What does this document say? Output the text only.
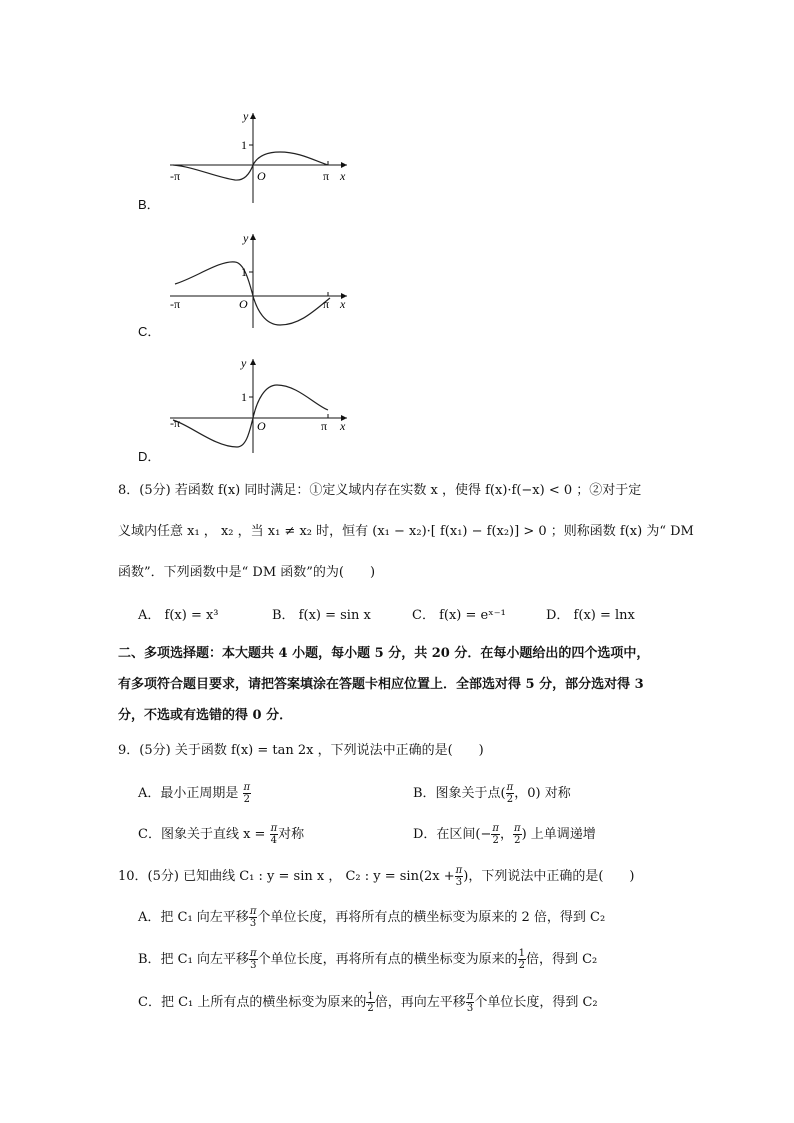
y
1
-π	O	π x
B．
y
1
-π	O	π x
C．
y
1
-π	O	π x
D．
8．(5分) 若函数 f(x) 同时满足：①定义域内存在实数 x ，使得 f(x)·f(−x) < 0 ；②对于定
义域内任意 x₁ ， x₂ ，当 x₁ ≠ x₂ 时，恒有 (x₁ − x₂)·[ f(x₁) − f(x₂)] > 0 ；则称函数 f(x) 为“ DM
函数”．下列函数中是“ DM 函数”的为(　　)
A． f(x) = x³	B． f(x) = sin x	C． f(x) = eˣ⁻¹	D． f(x) = lnx
二、多项选择题：本大题共 4 小题，每小题 5 分，共 20 分．在每小题给出的四个选项中，
有多项符合题目要求，请把答案填涂在答题卡相应位置上．全部选对得 5 分，部分选对得 3
分，不选或有选错的得 0 分．
9．(5分) 关于函数 f(x) = tan 2x ，下列说法中正确的是(　　)
A．最小正周期是 $\frac{\pi}{2}$	B．图象关于点( $\frac{\pi}{2}$ ，0) 对称
C．图象关于直线 $x = \frac{\pi}{4}$ 对称	D．在区间(− $\frac{\pi}{2}$ ， $\frac{\pi}{2}$ ) 上单调递增
10．(5分) 已知曲线 C₁ : y = sin x ， C₂ : $y = \sin(2x + \frac{\pi}{3}$ )，下列说法中正确的是(　　)
A．把 C₁ 向左平移 $\frac{\pi}{3}$ 个单位长度，再将所有点的横坐标变为原来的 2 倍，得到 C₂
B．把 C₁ 向左平移 $\frac{\pi}{3}$ 个单位长度，再将所有点的横坐标变为原来的 $\frac{1}{2}$ 倍，得到 C₂
C．把 C₁ 上所有点的横坐标变为原来的 $\frac{1}{2}$ 倍，再向左平移 $\frac{\pi}{3}$ 个单位长度，得到 C₂
